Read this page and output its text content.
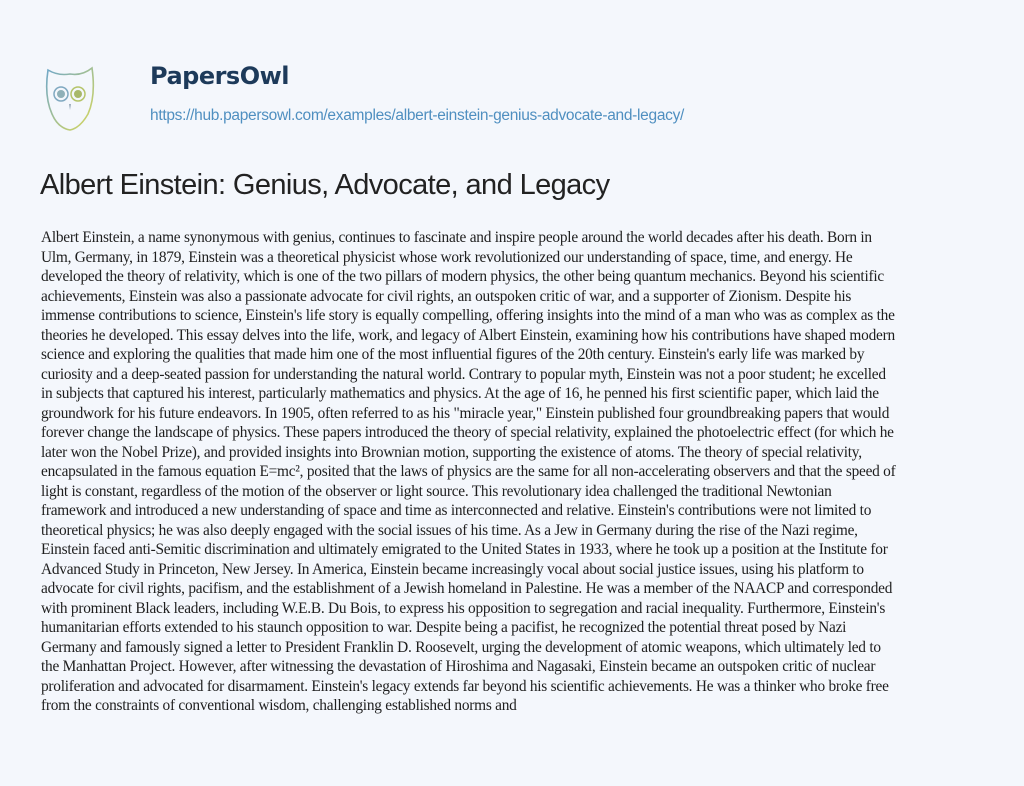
PapersOwl
https://hub.papersowl.com/examples/albert-einstein-genius-advocate-and-legacy/
Albert Einstein: Genius, Advocate, and Legacy
Albert Einstein, a name synonymous with genius, continues to fascinate and inspire people around the world decades after his death. Born in
Ulm, Germany, in 1879, Einstein was a theoretical physicist whose work revolutionized our understanding of space, time, and energy. He
developed the theory of relativity, which is one of the two pillars of modern physics, the other being quantum mechanics. Beyond his scientific
achievements, Einstein was also a passionate advocate for civil rights, an outspoken critic of war, and a supporter of Zionism. Despite his
immense contributions to science, Einstein's life story is equally compelling, offering insights into the mind of a man who was as complex as the
theories he developed. This essay delves into the life, work, and legacy of Albert Einstein, examining how his contributions have shaped modern
science and exploring the qualities that made him one of the most influential figures of the 20th century. Einstein's early life was marked by
curiosity and a deep-seated passion for understanding the natural world. Contrary to popular myth, Einstein was not a poor student; he excelled
in subjects that captured his interest, particularly mathematics and physics. At the age of 16, he penned his first scientific paper, which laid the
groundwork for his future endeavors. In 1905, often referred to as his "miracle year," Einstein published four groundbreaking papers that would
forever change the landscape of physics. These papers introduced the theory of special relativity, explained the photoelectric effect (for which he
later won the Nobel Prize), and provided insights into Brownian motion, supporting the existence of atoms. The theory of special relativity,
encapsulated in the famous equation E=mc², posited that the laws of physics are the same for all non-accelerating observers and that the speed of
light is constant, regardless of the motion of the observer or light source. This revolutionary idea challenged the traditional Newtonian
framework and introduced a new understanding of space and time as interconnected and relative. Einstein's contributions were not limited to
theoretical physics; he was also deeply engaged with the social issues of his time. As a Jew in Germany during the rise of the Nazi regime,
Einstein faced anti-Semitic discrimination and ultimately emigrated to the United States in 1933, where he took up a position at the Institute for
Advanced Study in Princeton, New Jersey. In America, Einstein became increasingly vocal about social justice issues, using his platform to
advocate for civil rights, pacifism, and the establishment of a Jewish homeland in Palestine. He was a member of the NAACP and corresponded
with prominent Black leaders, including W.E.B. Du Bois, to express his opposition to segregation and racial inequality. Furthermore, Einstein's
humanitarian efforts extended to his staunch opposition to war. Despite being a pacifist, he recognized the potential threat posed by Nazi
Germany and famously signed a letter to President Franklin D. Roosevelt, urging the development of atomic weapons, which ultimately led to
the Manhattan Project. However, after witnessing the devastation of Hiroshima and Nagasaki, Einstein became an outspoken critic of nuclear
proliferation and advocated for disarmament. Einstein's legacy extends far beyond his scientific achievements. He was a thinker who broke free
from the constraints of conventional wisdom, challenging established norms and
